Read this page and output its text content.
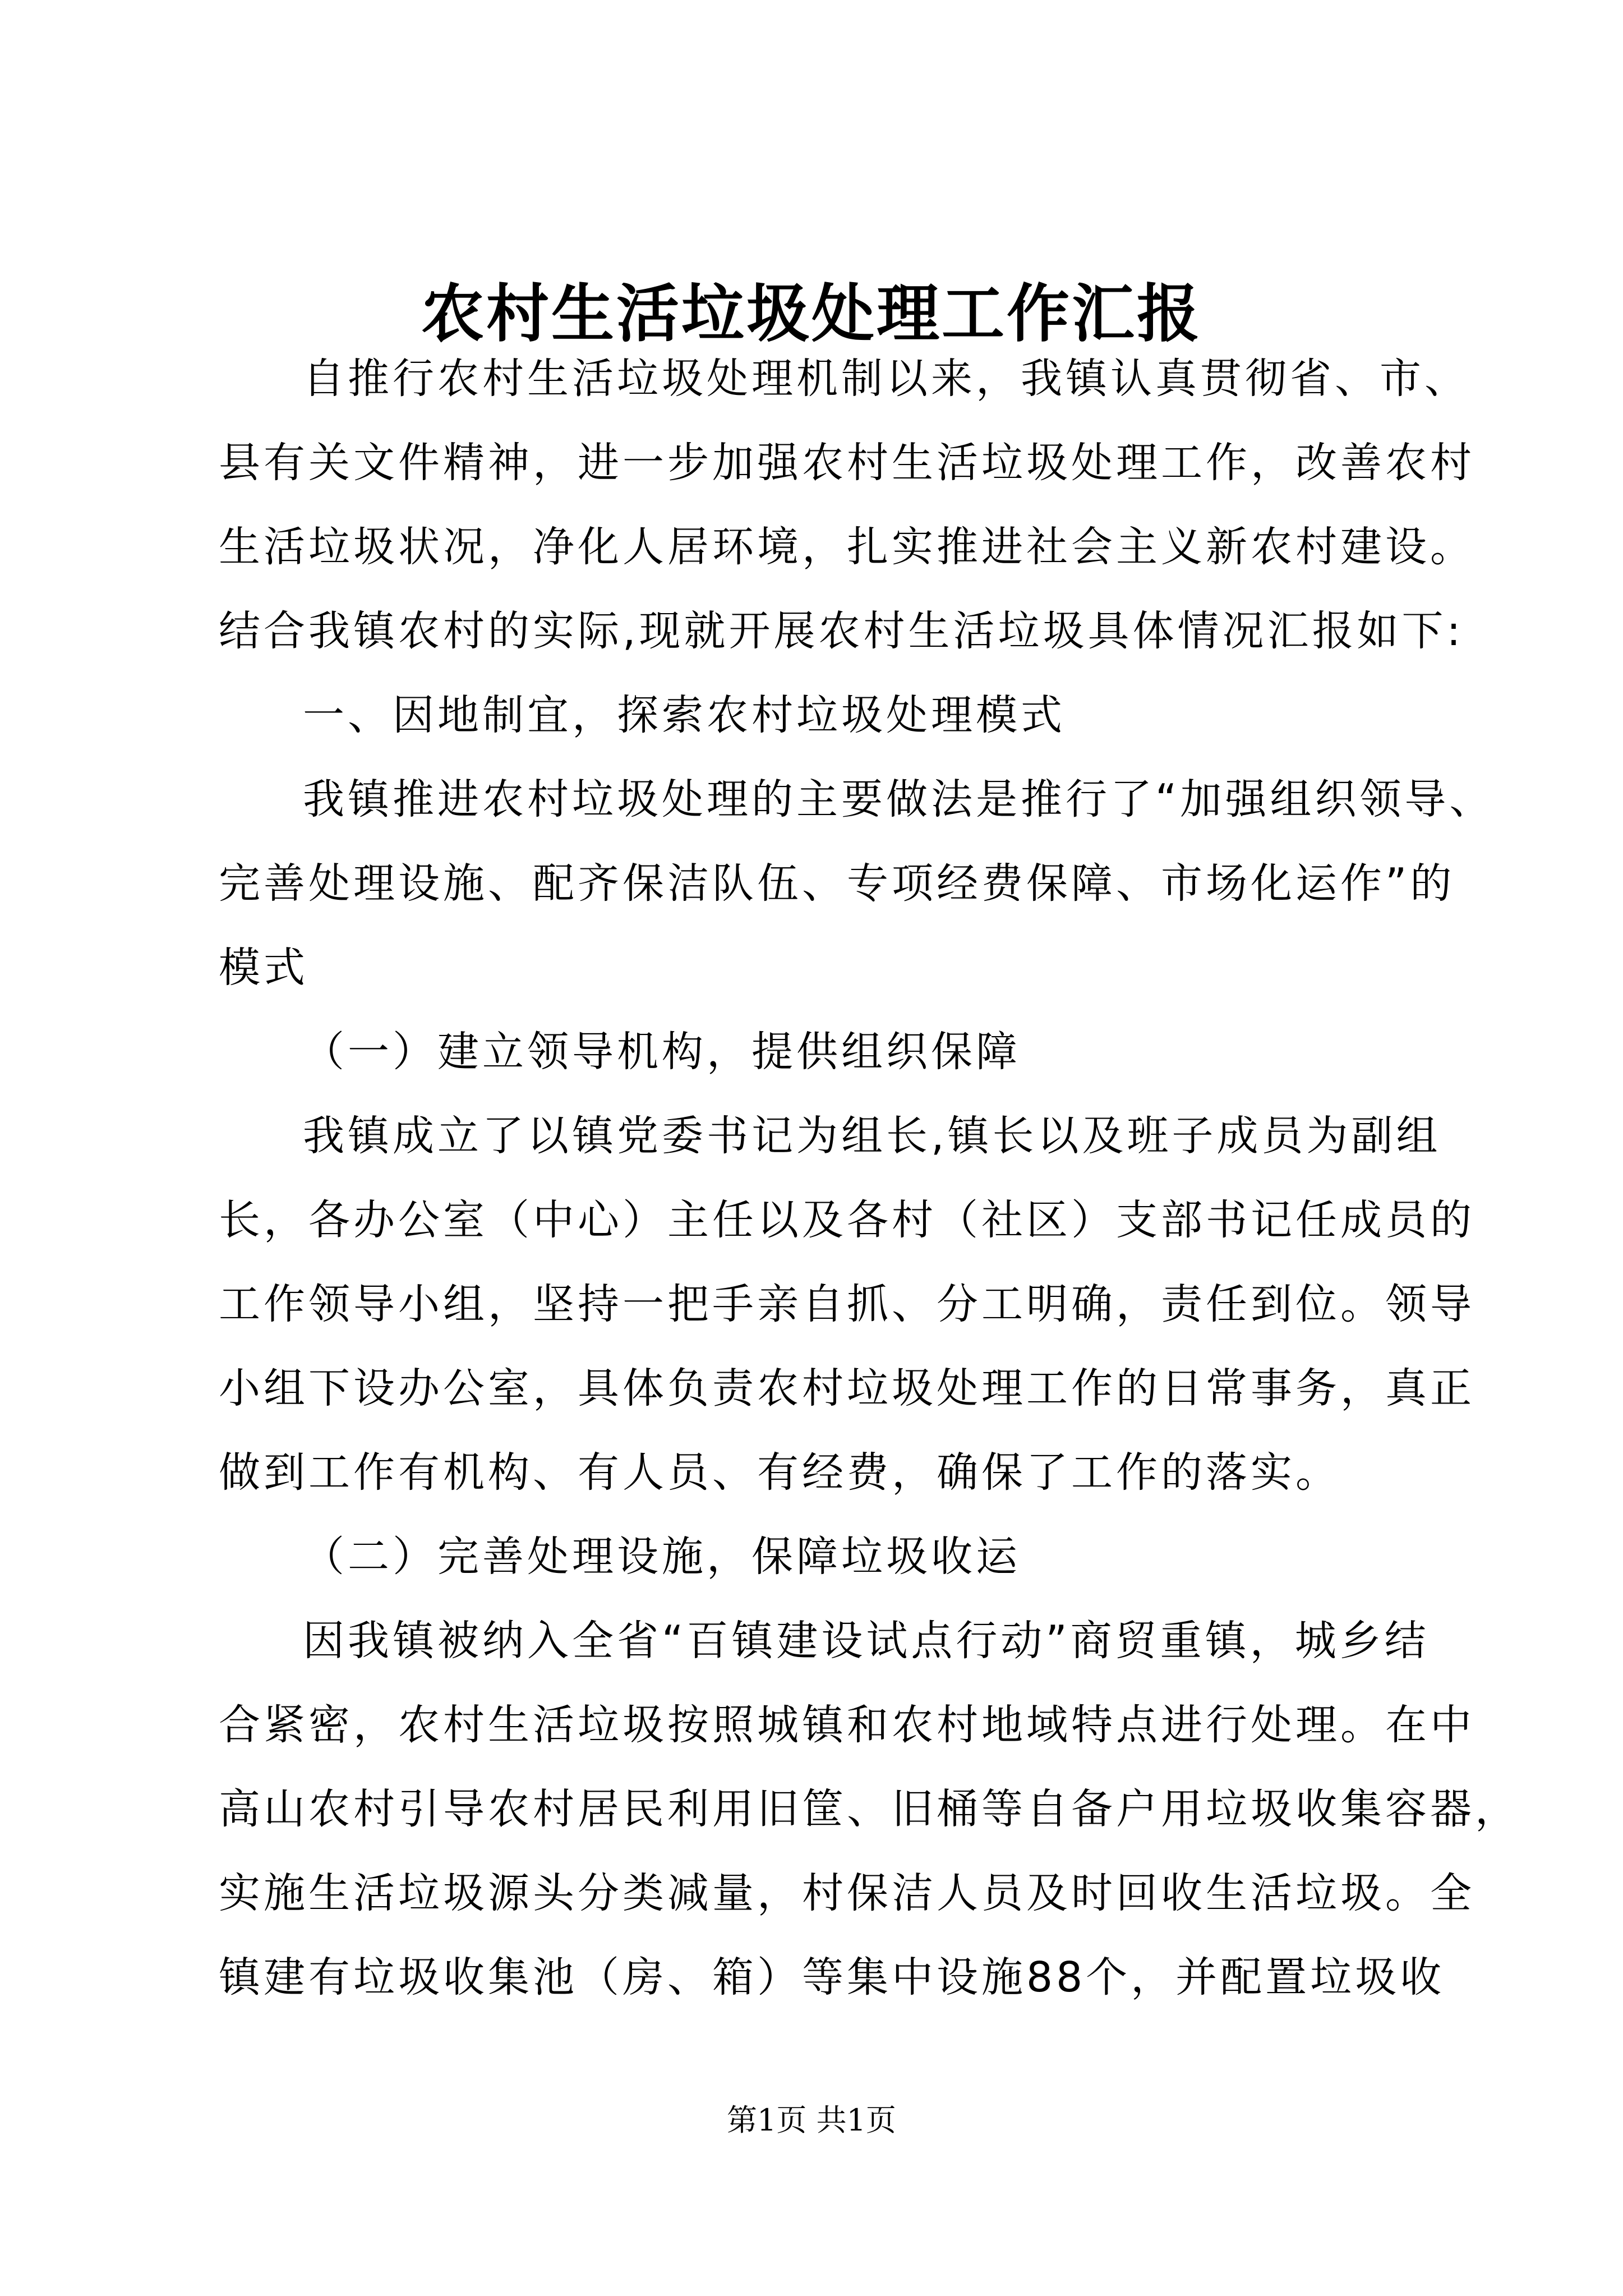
农村生活垃圾处理工作汇报
自推行农村生活垃圾处理机制以来，我镇认真贯彻省、市、
县有关文件精神，进一步加强农村生活垃圾处理工作，改善农村
生活垃圾状况，净化人居环境，扎实推进社会主义新农村建设。
结合我镇农村的实际,现就开展农村生活垃圾具体情况汇报如下:
一、因地制宜，探索农村垃圾处理模式
我镇推进农村垃圾处理的主要做法是推行了“加强组织领导、
完善处理设施、配齐保洁队伍、专项经费保障、市场化运作”的
模式
（一）建立领导机构，提供组织保障
我镇成立了以镇党委书记为组长,镇长以及班子成员为副组
长，各办公室（中心）主任以及各村（社区）支部书记任成员的
工作领导小组，坚持一把手亲自抓、分工明确，责任到位。领导
小组下设办公室，具体负责农村垃圾处理工作的日常事务，真正
做到工作有机构、有人员、有经费，确保了工作的落实。
（二）完善处理设施，保障垃圾收运
因我镇被纳入全省“百镇建设试点行动”商贸重镇，城乡结
合紧密，农村生活垃圾按照城镇和农村地域特点进行处理。在中
高山农村引导农村居民利用旧筐、旧桶等自备户用垃圾收集容器，
实施生活垃圾源头分类减量，村保洁人员及时回收生活垃圾。全
镇建有垃圾收集池（房、箱）等集中设施88个，并配置垃圾收
第1页 共1页
